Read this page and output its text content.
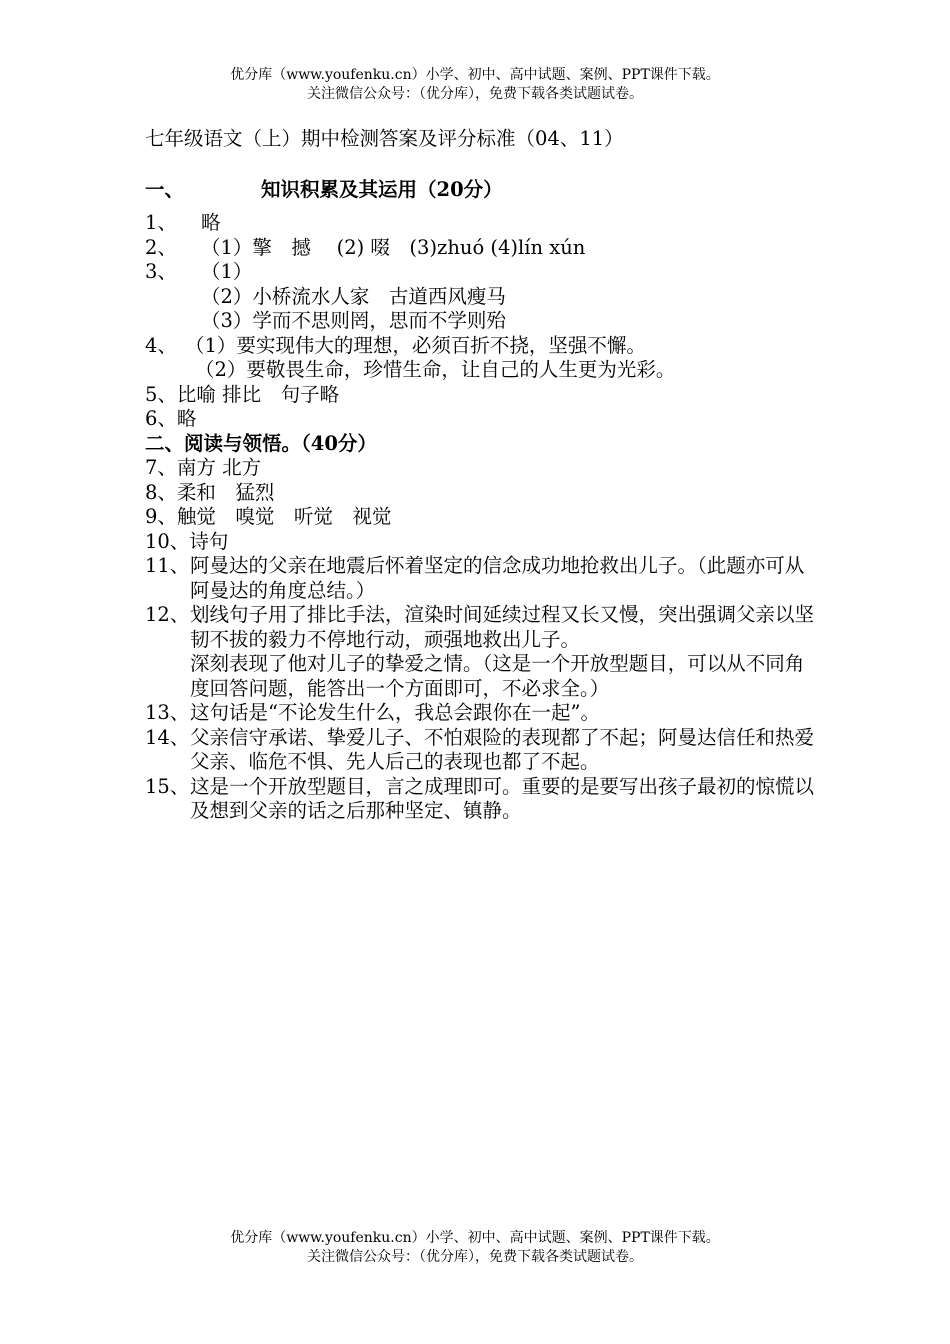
优分库（www.youfenku.cn）小学、初中、高中试题、案例、PPT课件下载。
关注微信公众号：（优分库），免费下载各类试题试卷。
七年级语文（上）期中检测答案及评分标准（04、11）
一、	知识积累及其运用（20分）
1、 略
2、 （1）擎　撼　 (2) 啜　(3)zhuó (4)lín xún
3、 （1）
（2）小桥流水人家　古道西风瘦马
（3）学而不思则罔，思而不学则殆
4、 （1）要实现伟大的理想，必须百折不挠，坚强不懈。
（2）要敬畏生命，珍惜生命，让自己的人生更为光彩。
5、比喻 排比　句子略
6、略
二、阅读与领悟。（40分）
7、南方 北方
8、柔和　猛烈
9、触觉　嗅觉　听觉　视觉
10、诗句
11、 阿曼达的父亲在地震后怀着坚定的信念成功地抢救出儿子。（此题亦可从阿曼达的角度总结。）
12、 划线句子用了排比手法，渲染时间延续过程又长又慢，突出强调父亲以坚韧不拔的毅力不停地行动，顽强地救出儿子。
深刻表现了他对儿子的挚爱之情。（这是一个开放型题目，可以从不同角度回答问题，能答出一个方面即可，不必求全。）
13、 这句话是“不论发生什么，我总会跟你在一起”。
14、 父亲信守承诺、挚爱儿子、不怕艰险的表现都了不起；阿曼达信任和热爱父亲、临危不惧、先人后己的表现也都了不起。
15、 这是一个开放型题目，言之成理即可。重要的是要写出孩子最初的惊慌以及想到父亲的话之后那种坚定、镇静。
优分库（www.youfenku.cn）小学、初中、高中试题、案例、PPT课件下载。
关注微信公众号：（优分库），免费下载各类试题试卷。
